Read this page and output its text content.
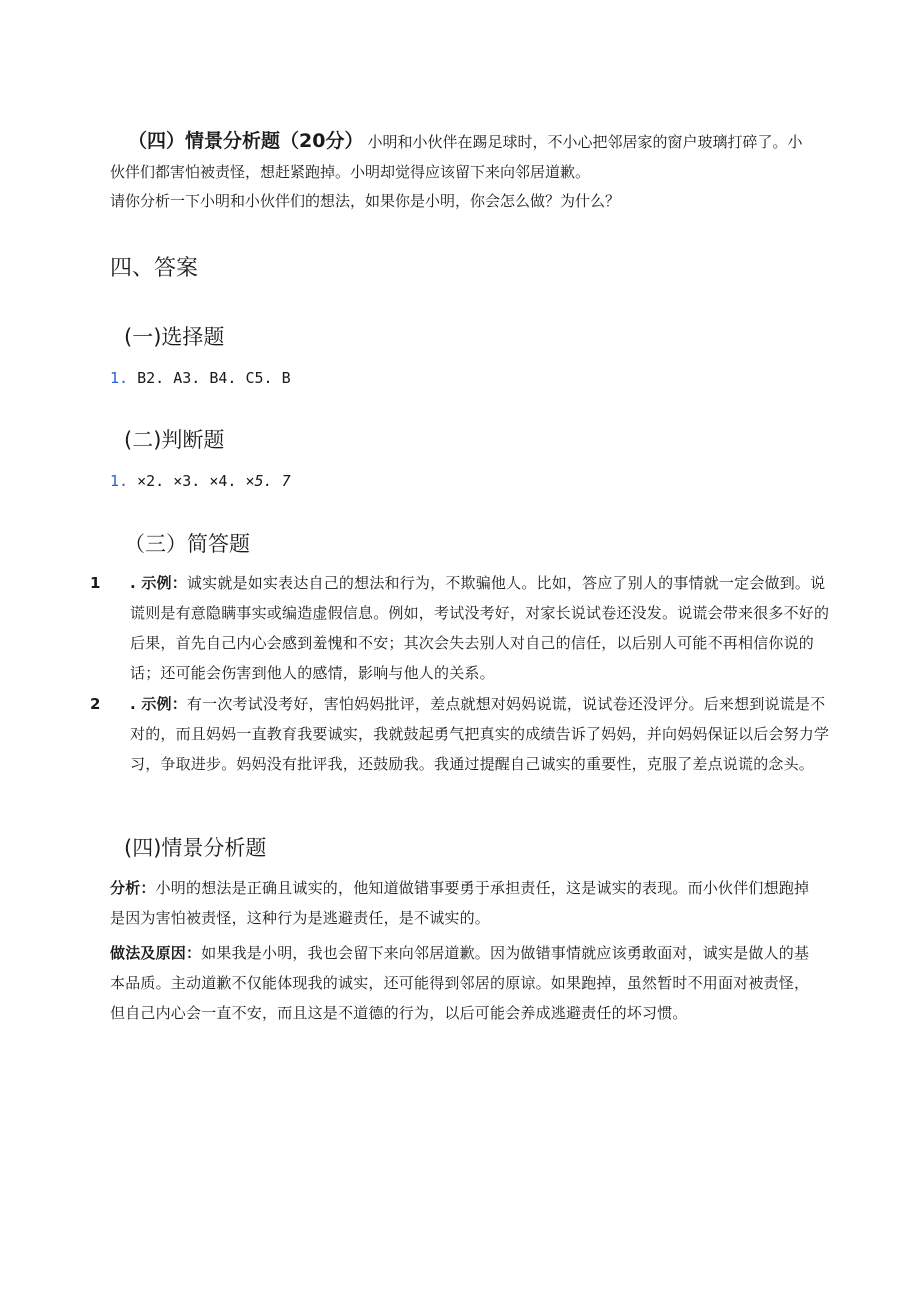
（四）情景分析题（20分） 小明和小伙伴在踢足球时，不小心把邻居家的窗户玻璃打碎了。小伙伴们都害怕被责怪，想赶紧跑掉。小明却觉得应该留下来向邻居道歉。
请你分析一下小明和小伙伴们的想法，如果你是小明，你会怎么做？为什么？
四、答案
(一)选择题
1. B2. A3. B4. C5. B
(二)判断题
1. ×2. ×3. ×4. ×5. 7
（三）简答题
1 . 示例：诚实就是如实表达自己的想法和行为，不欺骗他人。比如，答应了别人的事情就一定会做到。说谎则是有意隐瞒事实或编造虚假信息。例如，考试没考好，对家长说试卷还没发。说谎会带来很多不好的后果，首先自己内心会感到羞愧和不安；其次会失去别人对自己的信任，以后别人可能不再相信你说的话；还可能会伤害到他人的感情，影响与他人的关系。
2 . 示例：有一次考试没考好，害怕妈妈批评，差点就想对妈妈说谎，说试卷还没评分。后来想到说谎是不对的，而且妈妈一直教育我要诚实，我就鼓起勇气把真实的成绩告诉了妈妈，并向妈妈保证以后会努力学习，争取进步。妈妈没有批评我，还鼓励我。我通过提醒自己诚实的重要性，克服了差点说谎的念头。
(四)情景分析题
分析：小明的想法是正确且诚实的，他知道做错事要勇于承担责任，这是诚实的表现。而小伙伴们想跑掉是因为害怕被责怪，这种行为是逃避责任，是不诚实的。
做法及原因：如果我是小明，我也会留下来向邻居道歉。因为做错事情就应该勇敢面对，诚实是做人的基本品质。主动道歉不仅能体现我的诚实，还可能得到邻居的原谅。如果跑掉，虽然暂时不用面对被责怪，但自己内心会一直不安，而且这是不道德的行为，以后可能会养成逃避责任的坏习惯。
